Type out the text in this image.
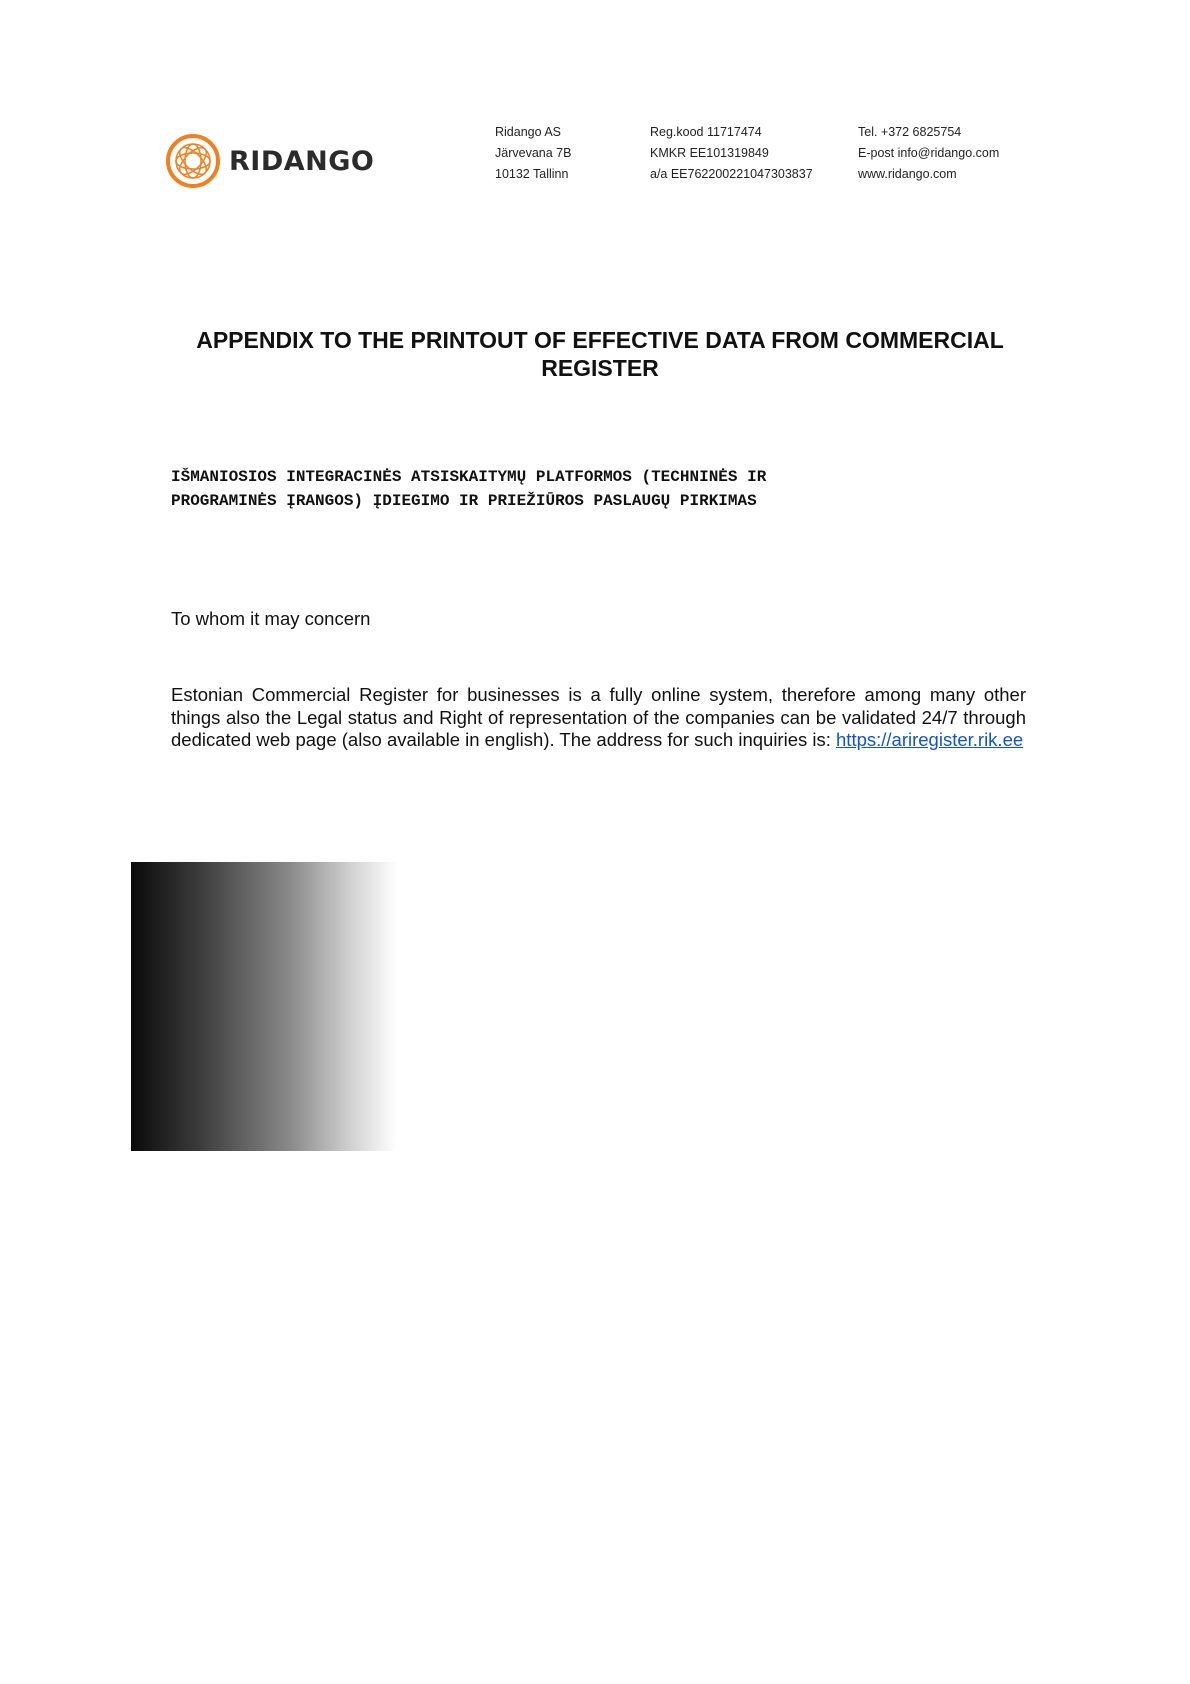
RIDANGO
Ridango AS
Järvevana 7B
10132 Tallinn
Reg.kood 11717474
KMKR EE101319849
a/a EE762200221047303837
Tel. +372 6825754
E-post info@ridango.com
www.ridango.com
APPENDIX TO THE PRINTOUT OF EFFECTIVE DATA FROM COMMERCIAL
REGISTER
IŠMANIOSIOS INTEGRACINĖS ATSISKAITYMŲ PLATFORMOS (TECHNINĖS IR
PROGRAMINĖS ĮRANGOS) ĮDIEGIMO IR PRIEŽIŪROS PASLAUGŲ PIRKIMAS
To whom it may concern
Estonian Commercial Register for businesses is a fully online system, therefore among many other things also the Legal status and Right of representation of the companies can be validated 24/7 through dedicated web page (also available in english). The address for such inquiries is: https://ariregister.rik.ee
